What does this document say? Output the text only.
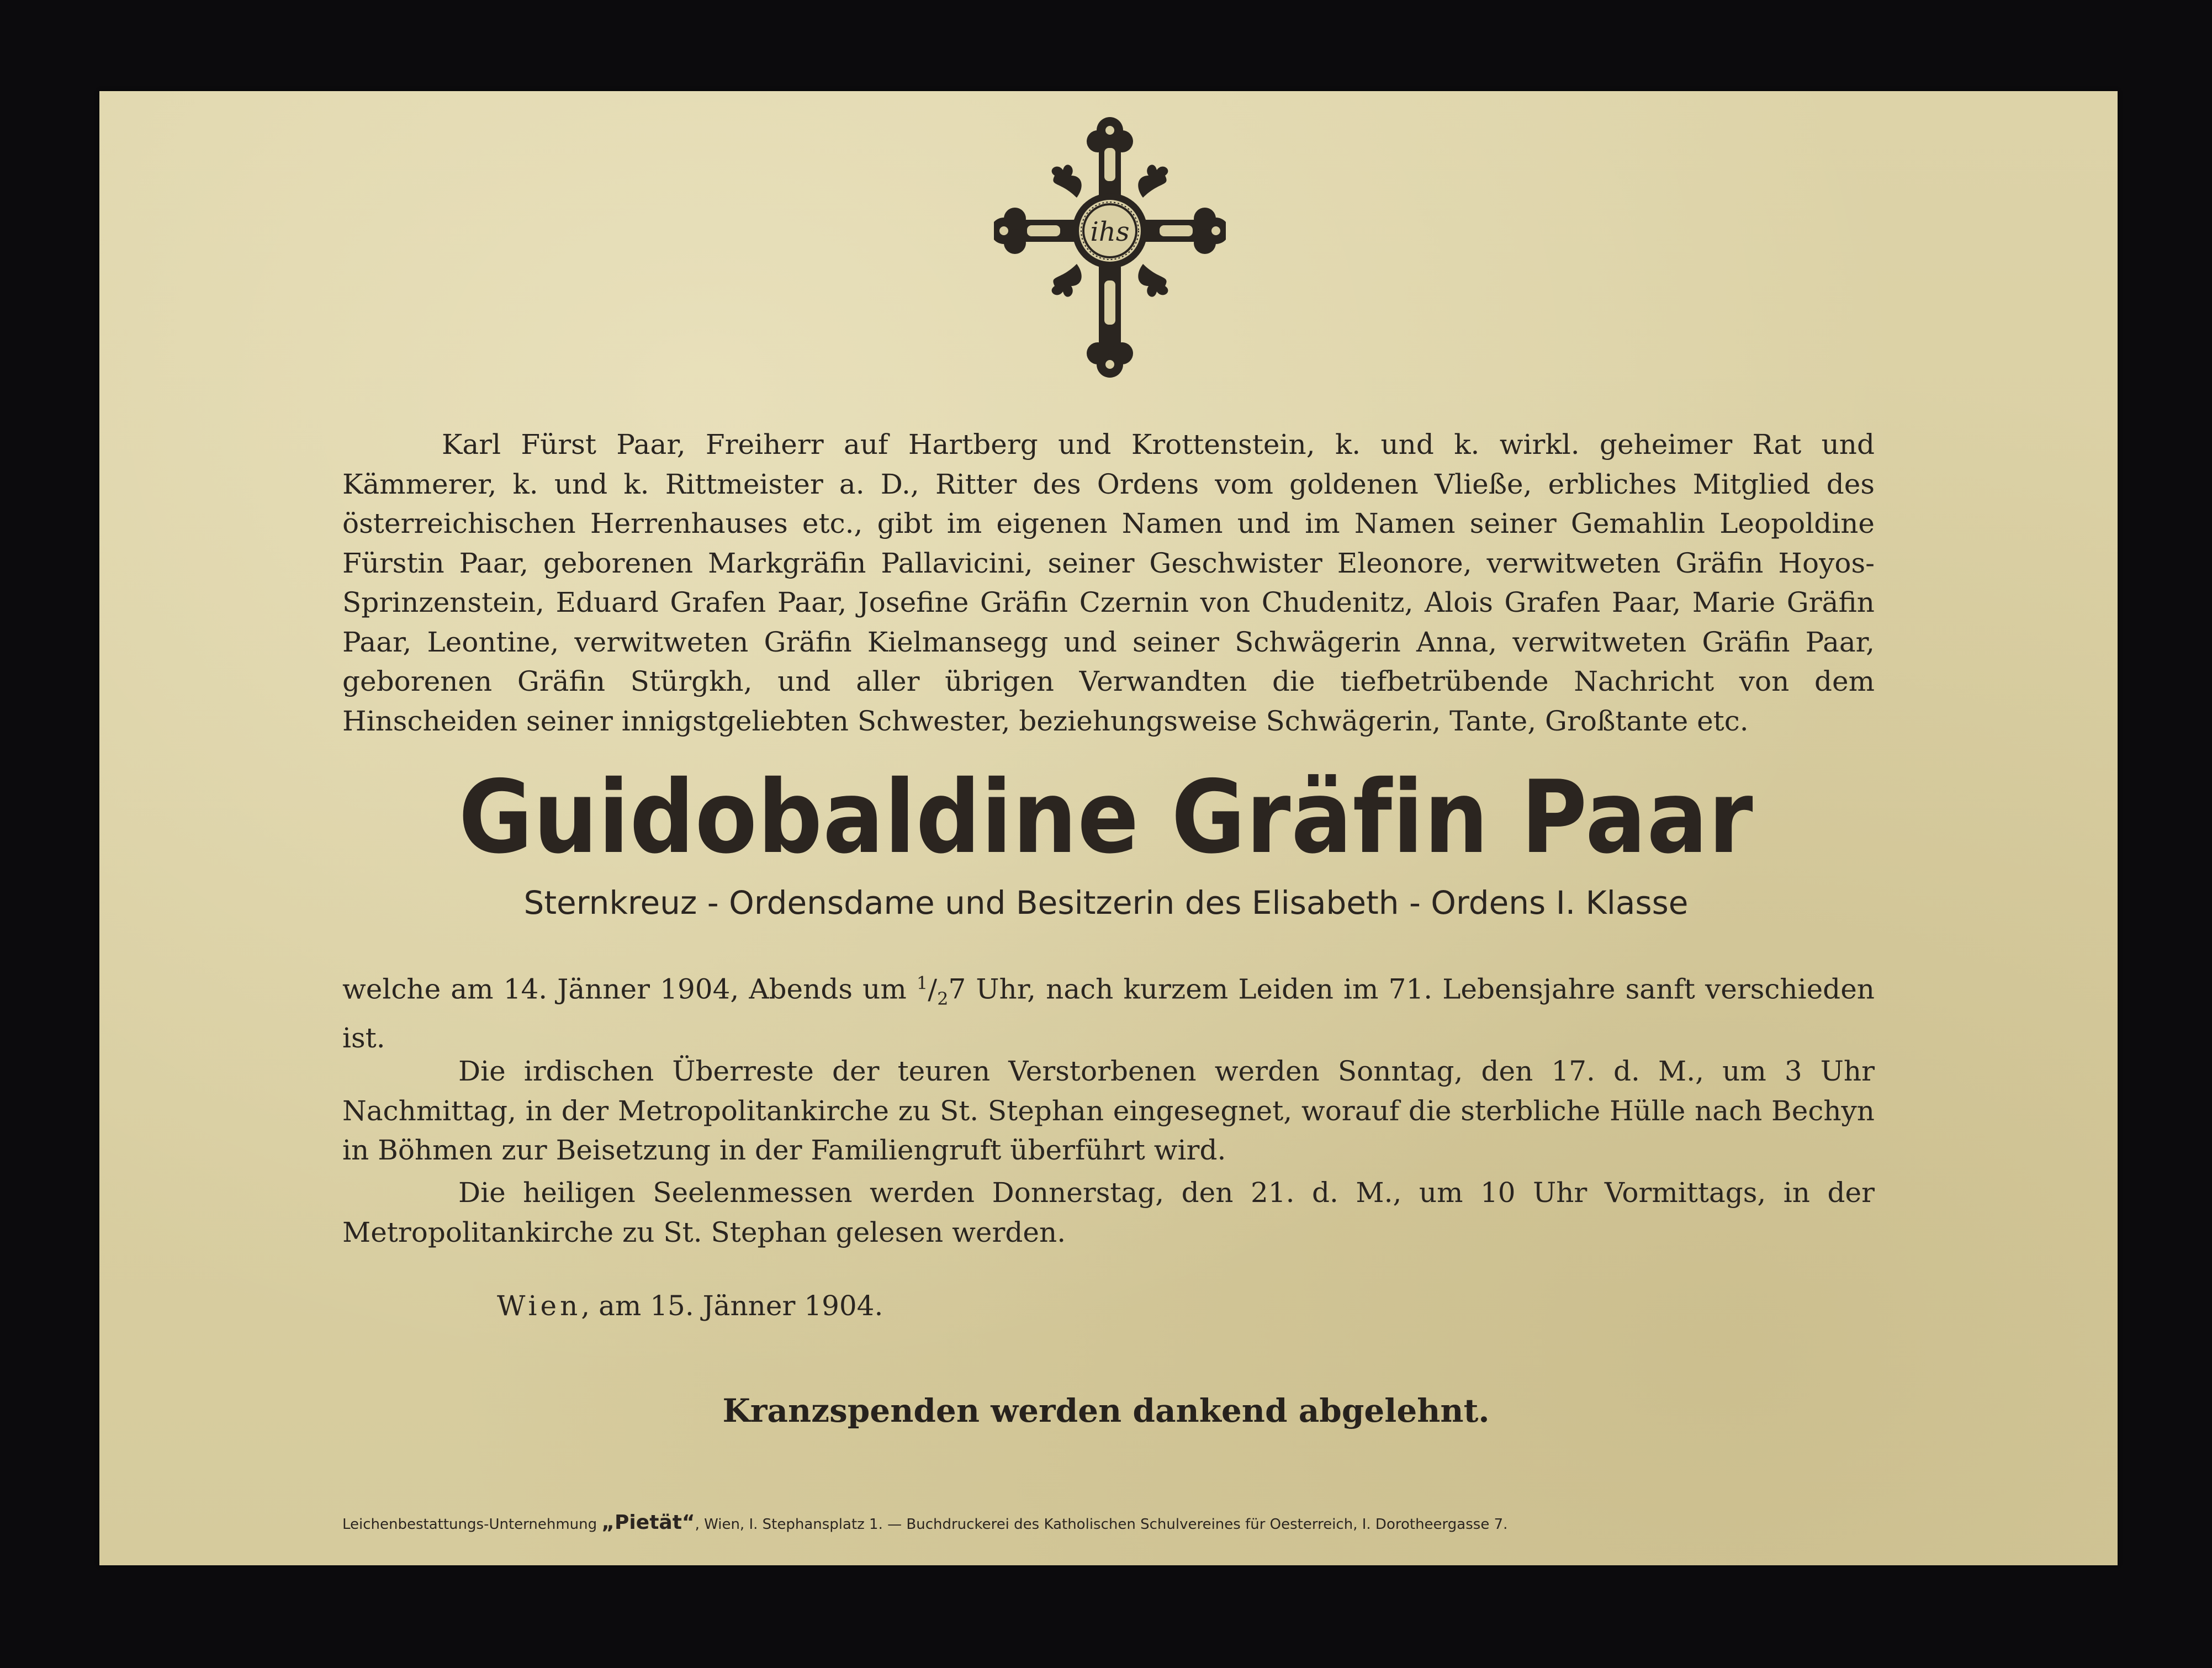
ihs

Karl Fürst Paar, Freiherr auf Hartberg und Krottenstein, k. und k. wirkl. geheimer Rat und Kämmerer, k. und k. Rittmeister a. D., Ritter des Ordens vom goldenen Vließe, erbliches Mitglied des österreichischen Herrenhauses etc., gibt im eigenen Namen und im Namen seiner Gemahlin Leopoldine Fürstin Paar, geborenen Markgräfin Pallavicini, seiner Geschwister Eleonore, verwitweten Gräfin Hoyos-Sprinzenstein, Eduard Grafen Paar, Josefine Gräfin Czernin von Chudenitz, Alois Grafen Paar, Marie Gräfin Paar, Leontine, verwitweten Gräfin Kielmansegg und seiner Schwägerin Anna, verwitweten Gräfin Paar, geborenen Gräfin Stürgkh, und aller übrigen Verwandten die tiefbetrübende Nachricht von dem Hinscheiden seiner innigstgeliebten Schwester, beziehungsweise Schwägerin, Tante, Großtante etc.

Guidobaldine Gräfin Paar
Sternkreuz - Ordensdame und Besitzerin des Elisabeth - Ordens I. Klasse

welche am 14. Jänner 1904, Abends um $^1/_27$ Uhr, nach kurzem Leiden im 71. Lebensjahre sanft verschieden ist.

Die irdischen Überreste der teuren Verstorbenen werden Sonntag, den 17. d. M., um 3 Uhr Nachmittag, in der Metropolitankirche zu St. Stephan eingesegnet, worauf die sterbliche Hülle nach Bechyn in Böhmen zur Beisetzung in der Familiengruft überführt wird.

Die heiligen Seelenmessen werden Donnerstag, den 21. d. M., um 10 Uhr Vormittags, in der Metropolitankirche zu St. Stephan gelesen werden.

Wien, am 15. Jänner 1904.
Kranzspenden werden dankend abgelehnt.
Leichenbestattungs-Unternehmung „Pietät“, Wien, I. Stephansplatz 1. — Buchdruckerei des Katholischen Schulvereines für Oesterreich, I. Dorotheergasse 7.
